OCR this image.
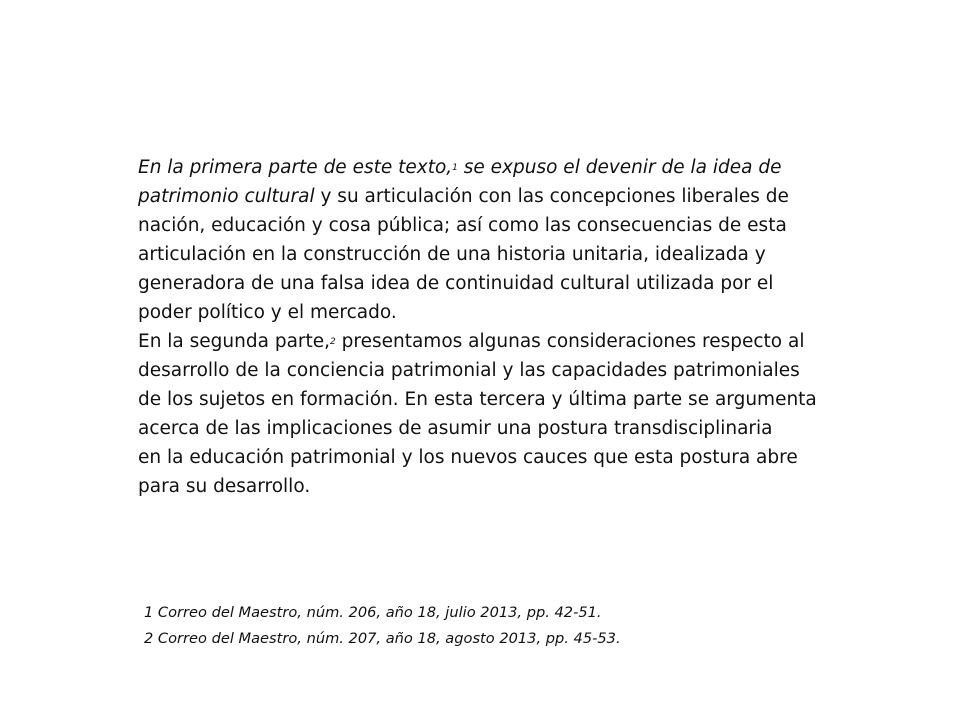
En la primera parte de este texto,1 se expuso el devenir de la idea de
patrimonio cultural y su articulación con las concepciones liberales de
nación, educación y cosa pública; así como las consecuencias de esta
articulación en la construcción de una historia unitaria, idealizada y
generadora de una falsa idea de continuidad cultural utilizada por el
poder político y el mercado.
En la segunda parte,2 presentamos algunas consideraciones respecto al
desarrollo de la conciencia patrimonial y las capacidades patrimoniales
de los sujetos en formación. En esta tercera y última parte se argumenta
acerca de las implicaciones de asumir una postura transdisciplinaria
en la educación patrimonial y los nuevos cauces que esta postura abre
para su desarrollo.
1 Correo del Maestro, núm. 206, año 18, julio 2013, pp. 42-51.
2 Correo del Maestro, núm. 207, año 18, agosto 2013, pp. 45-53.
